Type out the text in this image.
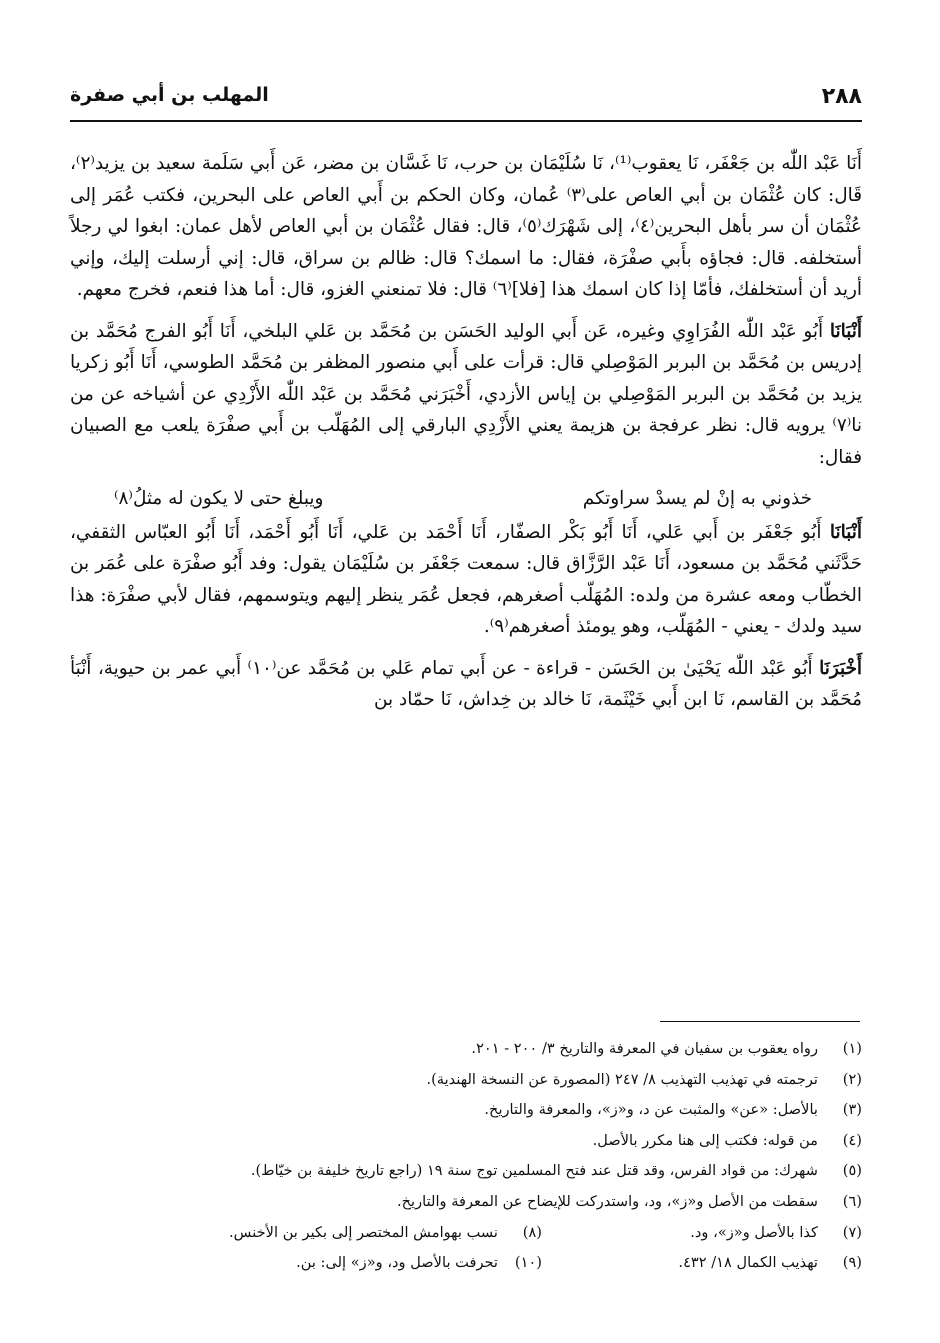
٢٨٨
المهلب بن أبي صفرة

أَنَا عَبْد اللّٰه بن جَعْفَر، نَا يعقوب⁽¹⁾، نَا سُلَيْمَان بن حرب، نَا غَسَّان بن مضر، عَن أَبي سَلَمة سعيد بن يزيد⁽٢⁾، قَال: كان عُثْمَان بن أبي العاص على⁽٣⁾ عُمان، وكان الحكم بن أَبي العاص على البحرين، فكتب عُمَر إلى عُثْمَان أن سر بأهل البحرين⁽٤⁾، إلى شَهْرَك⁽٥⁾، قال: فقال عُثْمَان بن أبي العاص لأهل عمان: ابغوا لي رجلاً أستخلفه. قال: فجاؤه بأَبي صفْرَة، فقال: ما اسمك؟ قال: ظالم بن سراق، قال: إني أرسلت إليك، وإني أريد أن أستخلفك، فأمّا إذا كان اسمك هذا [فلا]⁽٦⁾ قال: فلا تمنعني الغزو، قال: أما هذا فنعم، فخرج معهم.

أَنْبَانَا أَبُو عَبْد اللّٰه الفُرَاوِي وغيره، عَن أَبي الوليد الحَسَن بن مُحَمَّد بن عَلي البلخي، أَنَا أَبُو الفرج مُحَمَّد بن إدريس بن مُحَمَّد بن البربر المَوْصِلي قال: قرأت على أَبي منصور المظفر بن مُحَمَّد الطوسي، أَنَا أَبُو زكريا يزيد بن مُحَمَّد بن البربر المَوْصِلي بن إياس الأزدي، أَخْبَرَني مُحَمَّد بن عَبْد اللّٰه الأَزْدِي عن أشياخه عن من نا⁽٧⁾ يرويه قال: نظر عرفجة بن هزيمة يعني الأَزْدِي البارقي إلى المُهَلّب بن أَبي صفْرَة يلعب مع الصبيان فقال:

خذوني به إنْ لم يسدْ سراوتكم
ويبلغ حتى لا يكون له مثلُ⁽٨⁾

أَنْبَانَا أَبُو جَعْفَر بن أَبي عَلي، أَنَا أَبُو بَكْر الصفّار، أَنَا أَحْمَد بن عَلي، أَنَا أَبُو أَحْمَد، أَنَا أَبُو العبّاس الثقفي، حَدَّثَني مُحَمَّد بن مسعود، أَنَا عَبْد الرَّزَّاق قال: سمعت جَعْفَر بن سُلَيْمَان يقول: وفد أَبُو صفْرَة على عُمَر بن الخطّاب ومعه عشرة من ولده: المُهَلّب أصغرهم، فجعل عُمَر ينظر إليهم ويتوسمهم، فقال لأبي صفْرَة: هذا سيد ولدك - يعني - المُهَلّب، وهو يومئذ أصغرهم⁽٩⁾.

أَخْبَرَنَا أَبُو عَبْد اللّٰه يَحْيَىٰ بن الحَسَن - قراءة - عن أَبي تمام عَلي بن مُحَمَّد عن⁽١٠⁾ أَبي عمر بن حيوية، أَنْبَأ مُحَمَّد بن القاسم، نَا ابن أَبي خَيْثَمة، نَا خالد بن خِداش، نَا حمّاد بن

(١)
رواه يعقوب بن سفيان في المعرفة والتاريخ ٣/ ٢٠٠ - ٢٠١.
(٢)
ترجمته في تهذيب التهذيب ٨/ ٢٤٧ (المصورة عن النسخة الهندية).
(٣)
بالأصل: «عن» والمثبت عن د، و«ز»، والمعرفة والتاريخ.
(٤)
من قوله: فكتب إلى هنا مكرر بالأصل.
(٥)
شهرك: من قواد الفرس، وقد قتل عند فتح المسلمين توج سنة ١٩ (راجع تاريخ خليفة بن خيّاط).
(٦)
سقطت من الأصل و«ز»، ود، واستدركت للإيضاح عن المعرفة والتاريخ.
(٧)
كذا بالأصل و«ز»، ود.
(٨)
نسب بهوامش المختصر إلى بكير بن الأخنس.
(٩)
تهذيب الكمال ١٨/ ٤٣٢.
(١٠)
تحرفت بالأصل ود، و«ز» إلى: بن.
